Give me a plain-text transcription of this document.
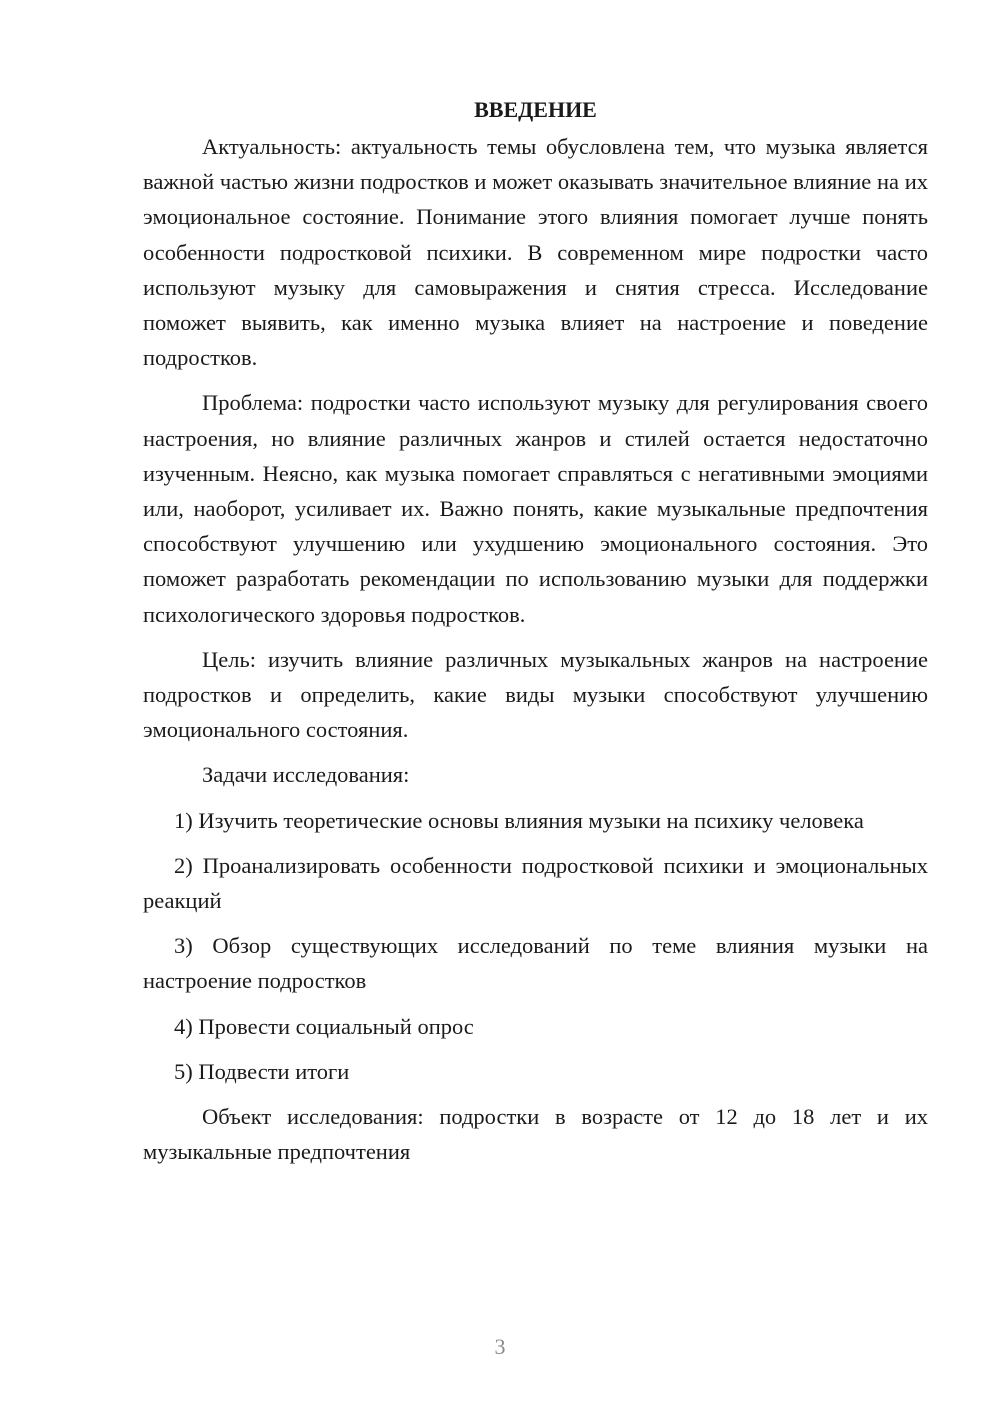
ВВЕДЕНИЕ

Актуальность: актуальность темы обусловлена тем, что музыка является важной частью жизни подростков и может оказывать значительное влияние на их эмоциональное состояние. Понимание этого влияния помогает лучше понять особенности подростковой психики. В современном мире подростки часто используют музыку для самовыражения и снятия стресса. Исследование поможет выявить, как именно музыка влияет на настроение и поведение подростков.

Проблема: подростки часто используют музыку для регулирования своего настроения, но влияние различных жанров и стилей остается недостаточно изученным. Неясно, как музыка помогает справляться с негативными эмоциями или, наоборот, усиливает их. Важно понять, какие музыкальные предпочтения способствуют улучшению или ухудшению эмоционального состояния. Это поможет разработать рекомендации по использованию музыки для поддержки психологического здоровья подростков.

Цель: изучить влияние различных музыкальных жанров на настроение подростков и определить, какие виды музыки способствуют улучшению эмоционального состояния.

Задачи исследования:

1) Изучить теоретические основы влияния музыки на психику человека

2) Проанализировать особенности подростковой психики и эмоциональных реакций

3) Обзор существующих исследований по теме влияния музыки на настроение подростков

4) Провести социальный опрос

5) Подвести итоги

Объект исследования: подростки в возрасте от 12 до 18 лет и их музыкальные предпочтения

3
